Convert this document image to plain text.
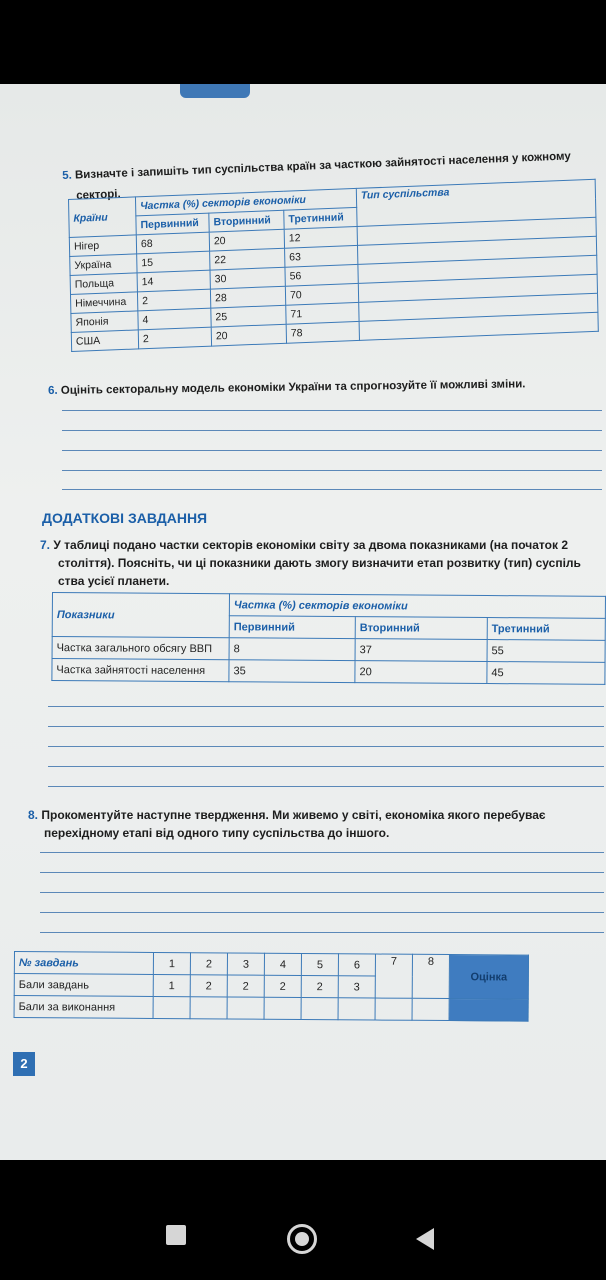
5. Визначте і запишіть тип суспільства країн за часткою зайнятості населення у кожному
секторі.
Країни	Частка (%) секторів економіки			Тип суспільства
	Первинний	Вторинний	Третинний	
Нігер	68	20	12	
Україна	15	22	63	
Польща	14	30	56	
Німеччина	2	28	70	
Японія	4	25	71	
США	2	20	78	
6. Оцініть секторальну модель економіки України та спрогнозуйте її можливі зміни.
ДОДАТКОВІ ЗАВДАННЯ
7. У таблиці подано частки секторів економіки світу за двома показниками (на початок 2
століття). Поясніть, чи ці показники дають змогу визначити етап розвитку (тип) суспіль
ства усієї планети.
Показники	Частка (%) секторів економіки		
	Первинний	Вторинний	Третинний
Частка загального обсягу ВВП	8	37	55
Частка зайнятості населення	35	20	45
8. Прокоментуйте наступне твердження. Ми живемо у світі, економіка якого перебуває
перехідному етапі від одного типу суспільства до іншого.
№ завдань	1	2	3	4	5	6	7	8	Оцінка
Бали завдань	1	2	2	2	2	3			
Бали за виконання									
2
